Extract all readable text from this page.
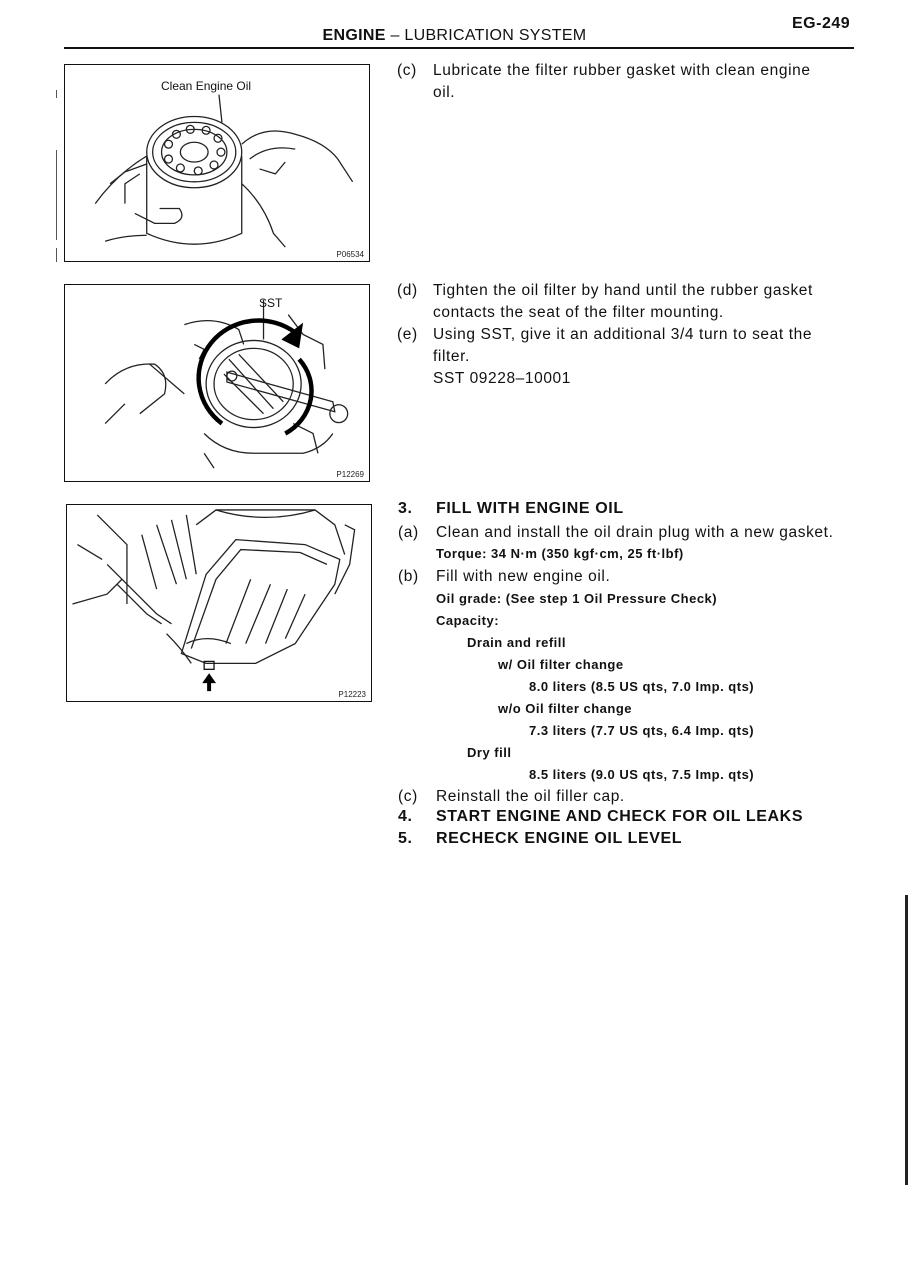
ENGINE – LUBRICATION SYSTEM
EG-249
Clean Engine Oil
P06534
SST
P12269
P12223
(c) Lubricate the filter rubber gasket with clean engine
oil.
(d) Tighten the oil filter by hand until the rubber gasket
contacts the seat of the filter mounting.
(e) Using SST, give it an additional 3/4 turn to seat the
filter.
SST 09228–10001
3. FILL WITH ENGINE OIL
(a) Clean and install the oil drain plug with a new gasket.
Torque: 34 N·m (350 kgf·cm, 25 ft·lbf)
(b) Fill with new engine oil.
Oil grade: (See step 1 Oil Pressure Check)
Capacity:
Drain and refill
w/ Oil filter change
8.0 liters (8.5 US qts, 7.0 Imp. qts)
w/o Oil filter change
7.3 liters (7.7 US qts, 6.4 Imp. qts)
Dry fill
8.5 liters (9.0 US qts, 7.5 Imp. qts)
(c) Reinstall the oil filler cap.
4. START ENGINE AND CHECK FOR OIL LEAKS
5. RECHECK ENGINE OIL LEVEL
